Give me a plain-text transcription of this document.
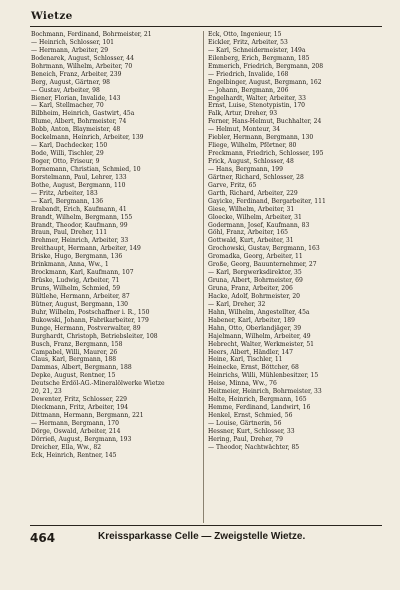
Wietze
Bochmann, Ferdinand, Bohrmeister, 21
— Heinrich, Schlosser, 101
— Hermann, Arbeiter, 29
Bodenarek, August, Schlosser, 44
Bohrmann, Wilhelm, Arbeiter, 70
Beneich, Franz, Arbeiter, 239
Berg, August, Gärtner, 98
— Gustav, Arbeiter, 98
Biener, Florian, Invalide, 143
— Karl, Stellmacher, 70
Bilbheim, Heinrich, Gastwirt, 45a
Blume, Albert, Bohrmeister, 74
Bobb, Anton, Blaymeister, 48
Bockelmann, Heinrich, Arbeiter, 139
— Karl, Dachdecker, 150
Bode, Willi, Tischler, 29
Boger, Otto, Friseur, 9
Bornemann, Christian, Schmied, 10
Borstelmann, Paul, Lehrer, 133
Bothe, August, Bergmann, 110
— Fritz, Arbeiter, 183
— Karl, Bergmann, 136
Brabandt, Erich, Kaufmann, 41
Brandt, Wilhelm, Bergmann, 155
Brandt, Theodor, Kaufmann, 99
Braun, Paul, Dreher, 111
Brehmer, Heinrich, Arbeiter, 33
Breithaupt, Hermann, Arbeiter, 149
Briske, Hugo, Bergmann, 136
Brinkmann, Anna, Ww., 1
Brockmann, Karl, Kaufmann, 107
Brüske, Ludwig, Arbeiter, 71
Bruns, Wilhelm, Schmied, 59
Bültlehe, Hermann, Arbeiter, 87
Bütner, August, Bergmann, 130
Buhr, Wilhelm, Postschaffner i. R., 150
Bukowski, Johann, Fabrikarbeiter, 179
Bunge, Hermann, Postverwalter, 89
Burghardt, Christoph, Betriebsleiter, 108
Busch, Franz, Bergmann, 158
Campabel, Willi, Maurer, 26
Claus, Karl, Bergmann, 188
Dammas, Albert, Bergmann, 188
Depke, August, Rentner, 15
Deutsche Erdöl-AG.-Mineralölwerke Wietze
20, 21, 23
Dewenter, Fritz, Schlosser, 229
Dieckmann, Fritz, Arbeiter, 194
Dittmann, Hermann, Bergmann, 221
— Hermann, Bergmann, 170
Dörge, Oswald, Arbeiter, 214
Dörrieß, August, Bergmann, 193
Dreicher, Ella, Ww., 82
Eck, Heinrich, Rentner, 145
Eck, Otto, Ingenieur, 15
Eickler, Fritz, Arbeiter, 53
— Karl, Schneidermeister, 149a
Eilenberg, Erich, Bergmann, 185
Emmerich, Friedrich, Bergmann, 208
— Friedrich, Invalide, 168
Engelbinger, August, Bergmann, 162
— Johann, Bergmann, 206
Engelhardt, Walter, Arbeiter, 33
Ernst, Luise, Stenotypistin, 170
Falk, Artur, Dreher, 93
Ferner, Hans-Helmut, Buchhalter, 24
— Helmut, Monteur, 34
Fiebler, Hermann, Bergmann, 130
Fliege, Wilhelm, Pförtner, 80
Freckmann, Friedrich, Schlosser, 195
Frick, August, Schlosser, 48
— Hans, Bergmann, 199
Gärtner, Richard, Schlosser, 28
Garve, Fritz, 65
Garth, Richard, Arbeiter, 229
Gayicke, Ferdinand, Bergarbeiter, 111
Giese, Wilhelm, Arbeiter, 31
Gloecke, Wilhelm, Arbeiter, 31
Godermann, Josef, Kaufmann, 83
Göhl, Franz, Arbeiter, 165
Gottwald, Kurt, Arbeiter, 31
Grochowski, Gustav, Bergmann, 163
Gromadka, Georg, Arbeiter, 11
Große, Georg, Bauunternehmer, 27
— Karl, Bergwerksdirektor, 35
Gruna, Albert, Bohrmeister, 69
Gruna, Franz, Arbeiter, 206
Hacke, Adolf, Bohrmeister, 20
— Karl, Dreher, 32
Hahn, Wilhelm, Angestellter, 45a
Habener, Karl, Arbeiter, 189
Hahn, Otto, Oberlandjäger, 39
Hajelmann, Wilhelm, Arbeiter, 49
Hebrecht, Walter, Werkmeister, 51
Heers, Albert, Händler, 147
Heine, Karl, Tischler, 11
Heinecke, Ernst, Böttcher, 68
Heinrichs, Willi, Mühlenbesitzer, 15
Heise, Minna, Ww., 76
Heitmeier, Heinrich, Bohrmeister, 33
Helte, Heinrich, Bergmann, 165
Hemme, Ferdinand, Landwirt, 16
Henkel, Ernst, Schmied, 56
— Louise, Gärtnerin, 56
Hessner, Kurt, Schlosser, 33
Hering, Paul, Dreher, 79
— Theodor, Nachtwächter, 85
464	Kreissparkasse Celle — Zweigstelle Wietze.
